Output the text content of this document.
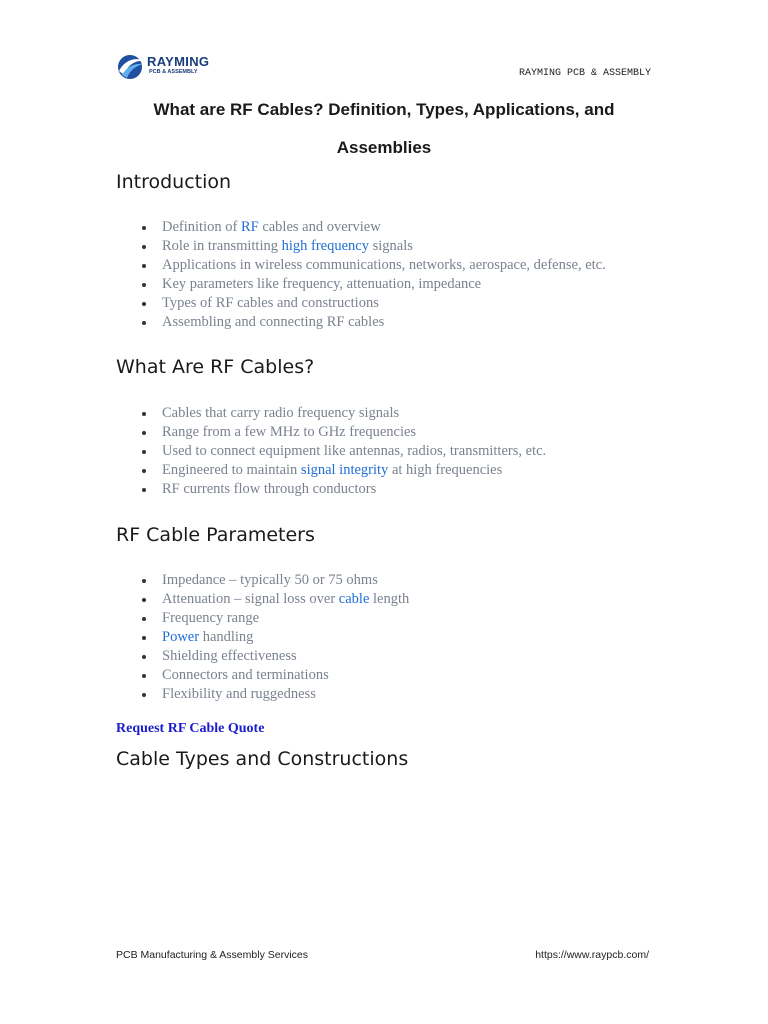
RAYMING
PCB & ASSEMBLY	RAYMING PCB & ASSEMBLY
What are RF Cables? Definition, Types, Applications, and
Assemblies
Introduction
Definition of RF cables and overview
Role in transmitting high frequency signals
Applications in wireless communications, networks, aerospace, defense, etc.
Key parameters like frequency, attenuation, impedance
Types of RF cables and constructions
Assembling and connecting RF cables
What Are RF Cables?
Cables that carry radio frequency signals
Range from a few MHz to GHz frequencies
Used to connect equipment like antennas, radios, transmitters, etc.
Engineered to maintain signal integrity at high frequencies
RF currents flow through conductors
RF Cable Parameters
Impedance – typically 50 or 75 ohms
Attenuation – signal loss over cable length
Frequency range
Power handling
Shielding effectiveness
Connectors and terminations
Flexibility and ruggedness
Request RF Cable Quote
Cable Types and Constructions
PCB Manufacturing & Assembly Services	https://www.raypcb.com/
